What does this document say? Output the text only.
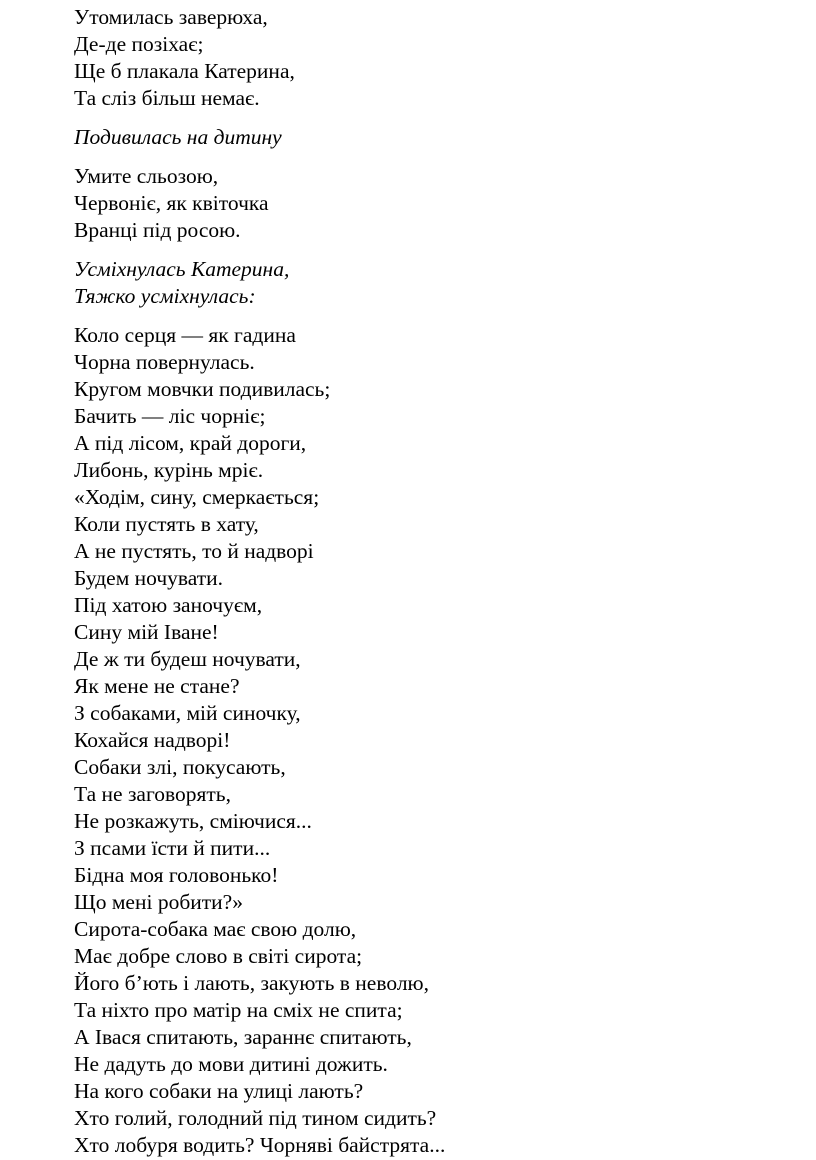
Утомилась заверюха,
Де-де позіхає;
Ще б плакала Катерина,
Та сліз більш немає.
Подивилась на дитину
Умите сльозою,
Червоніє, як квіточка
Вранці під росою.
Усміхнулась Катерина,
Тяжко усміхнулась:
Коло серця — як гадина
Чорна повернулась.
Кругом мовчки подивилась;
Бачить — ліс чорніє;
А під лісом, край дороги,
Либонь, курінь мріє.
«Ходім, сину, смеркається;
Коли пустять в хату,
А не пустять, то й надворі
Будем ночувати.
Під хатою заночуєм,
Сину мій Іване!
Де ж ти будеш ночувати,
Як мене не стане?
З собаками, мій синочку,
Кохайся надворі!
Собаки злі, покусають,
Та не заговорять,
Не розкажуть, сміючися...
З псами їсти й пити...
Бідна моя головонько!
Що мені робити?»
Сирота-собака має свою долю,
Має добре слово в світі сирота;
Його б’ють і лають, закують в неволю,
Та ніхто про матір на сміх не спита;
А Івася спитають, зараннє спитають,
Не дадуть до мови дитині дожить.
На кого собаки на улиці лають?
Хто голий, голодний під тином сидить?
Хто лобуря водить? Чорняві байстрята...
